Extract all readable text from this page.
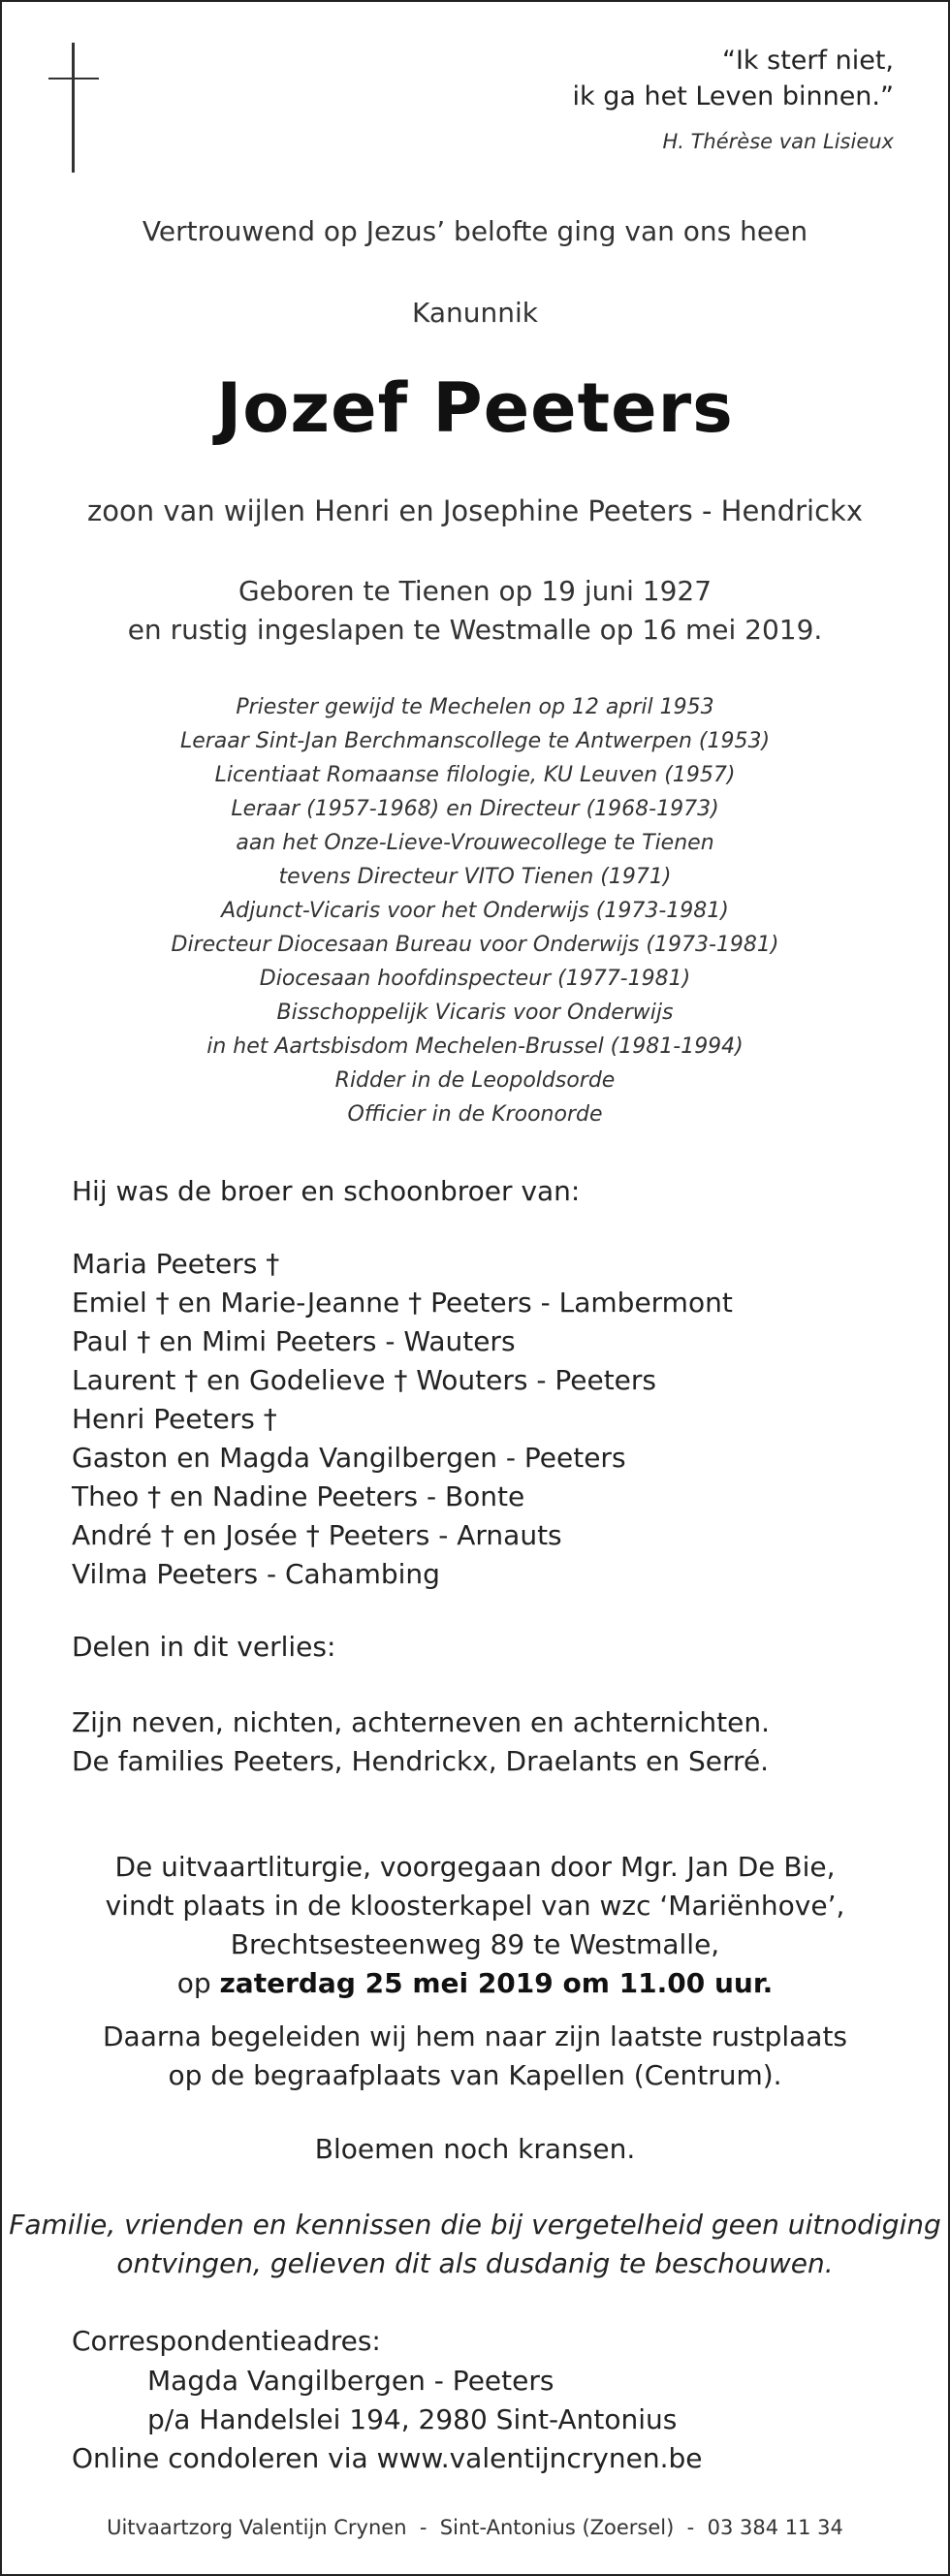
“Ik sterf niet,
ik ga het Leven binnen.”
H. Thérèse van Lisieux
Vertrouwend op Jezus’ belofte ging van ons heen
Kanunnik
Jozef Peeters
zoon van wijlen Henri en Josephine Peeters - Hendrickx
Geboren te Tienen op 19 juni 1927
en rustig ingeslapen te Westmalle op 16 mei 2019.
Priester gewijd te Mechelen op 12 april 1953
Leraar Sint-Jan Berchmanscollege te Antwerpen (1953)
Licentiaat Romaanse filologie, KU Leuven (1957)
Leraar (1957-1968) en Directeur (1968-1973)
aan het Onze-Lieve-Vrouwecollege te Tienen
tevens Directeur VITO Tienen (1971)
Adjunct-Vicaris voor het Onderwijs (1973-1981)
Directeur Diocesaan Bureau voor Onderwijs (1973-1981)
Diocesaan hoofdinspecteur (1977-1981)
Bisschoppelijk Vicaris voor Onderwijs
in het Aartsbisdom Mechelen-Brussel (1981-1994)
Ridder in de Leopoldsorde
Officier in de Kroonorde
Hij was de broer en schoonbroer van:
Maria Peeters †
Emiel † en Marie-Jeanne † Peeters - Lambermont
Paul † en Mimi Peeters - Wauters
Laurent † en Godelieve † Wouters - Peeters
Henri Peeters †
Gaston en Magda Vangilbergen - Peeters
Theo † en Nadine Peeters - Bonte
André † en Josée † Peeters - Arnauts
Vilma Peeters - Cahambing
Delen in dit verlies:
Zijn neven, nichten, achterneven en achternichten.
De families Peeters, Hendrickx, Draelants en Serré.
De uitvaartliturgie, voorgegaan door Mgr. Jan De Bie,
vindt plaats in de kloosterkapel van wzc ‘Mariënhove’,
Brechtsesteenweg 89 te Westmalle,
op zaterdag 25 mei 2019 om 11.00 uur.
Daarna begeleiden wij hem naar zijn laatste rustplaats
op de begraafplaats van Kapellen (Centrum).
Bloemen noch kransen.
Familie, vrienden en kennissen die bij vergetelheid geen uitnodiging
ontvingen, gelieven dit als dusdanig te beschouwen.
Correspondentieadres:
Magda Vangilbergen - Peeters
p/a Handelslei 194, 2980 Sint-Antonius
Online condoleren via www.valentijncrynen.be
Uitvaartzorg Valentijn Crynen  -  Sint-Antonius (Zoersel)  -  03 384 11 34
